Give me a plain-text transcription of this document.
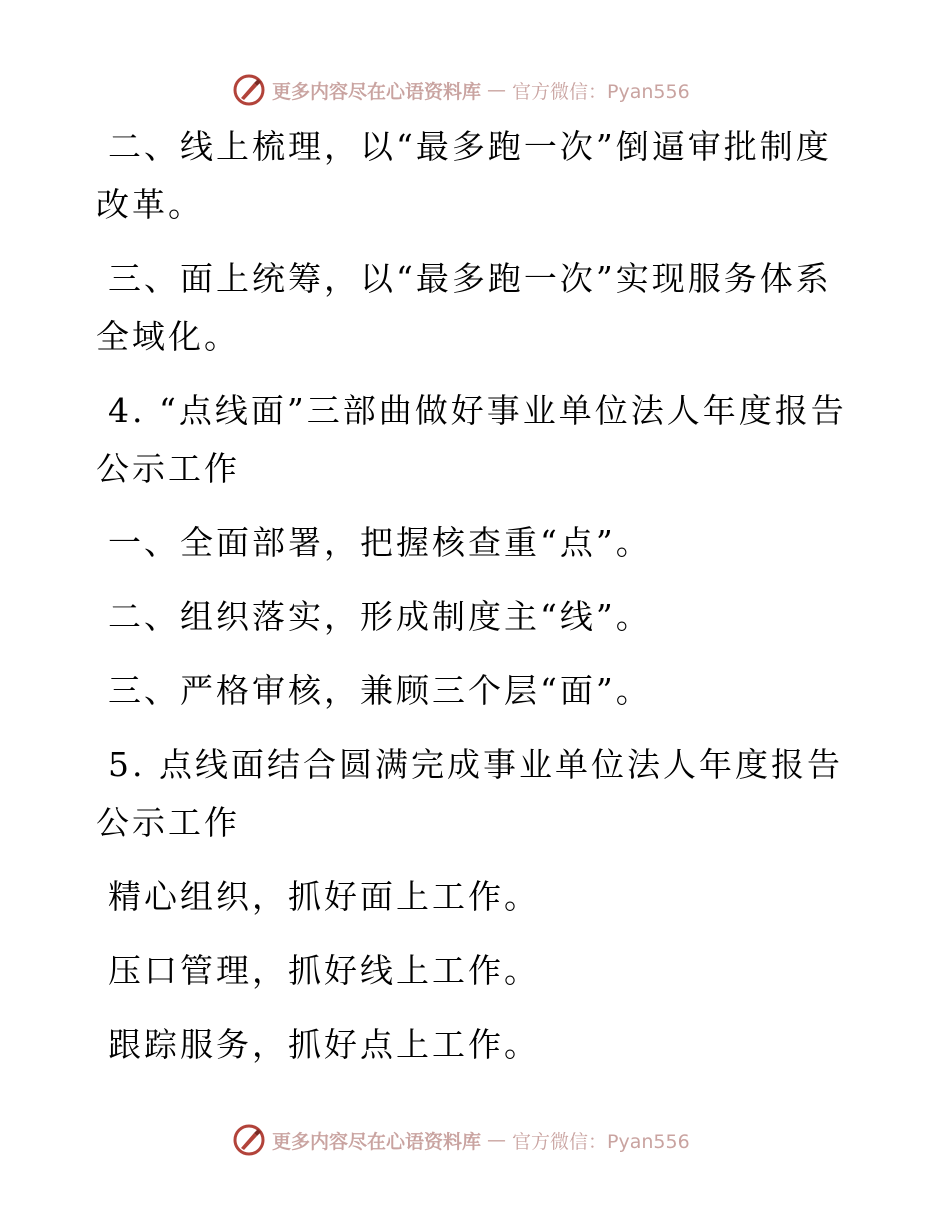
更多内容尽在心语资料库 — 官方微信：Pyan556

二、线上梳理，以“最多跑一次”倒逼审批制度改革。

三、面上统筹，以“最多跑一次”实现服务体系全域化。

4. “点线面”三部曲做好事业单位法人年度报告公示工作

一、全面部署，把握核查重“点”。

二、组织落实，形成制度主“线”。

三、严格审核，兼顾三个层“面”。

5. 点线面结合圆满完成事业单位法人年度报告公示工作

精心组织，抓好面上工作。

压口管理，抓好线上工作。

跟踪服务，抓好点上工作。

更多内容尽在心语资料库 — 官方微信：Pyan556
